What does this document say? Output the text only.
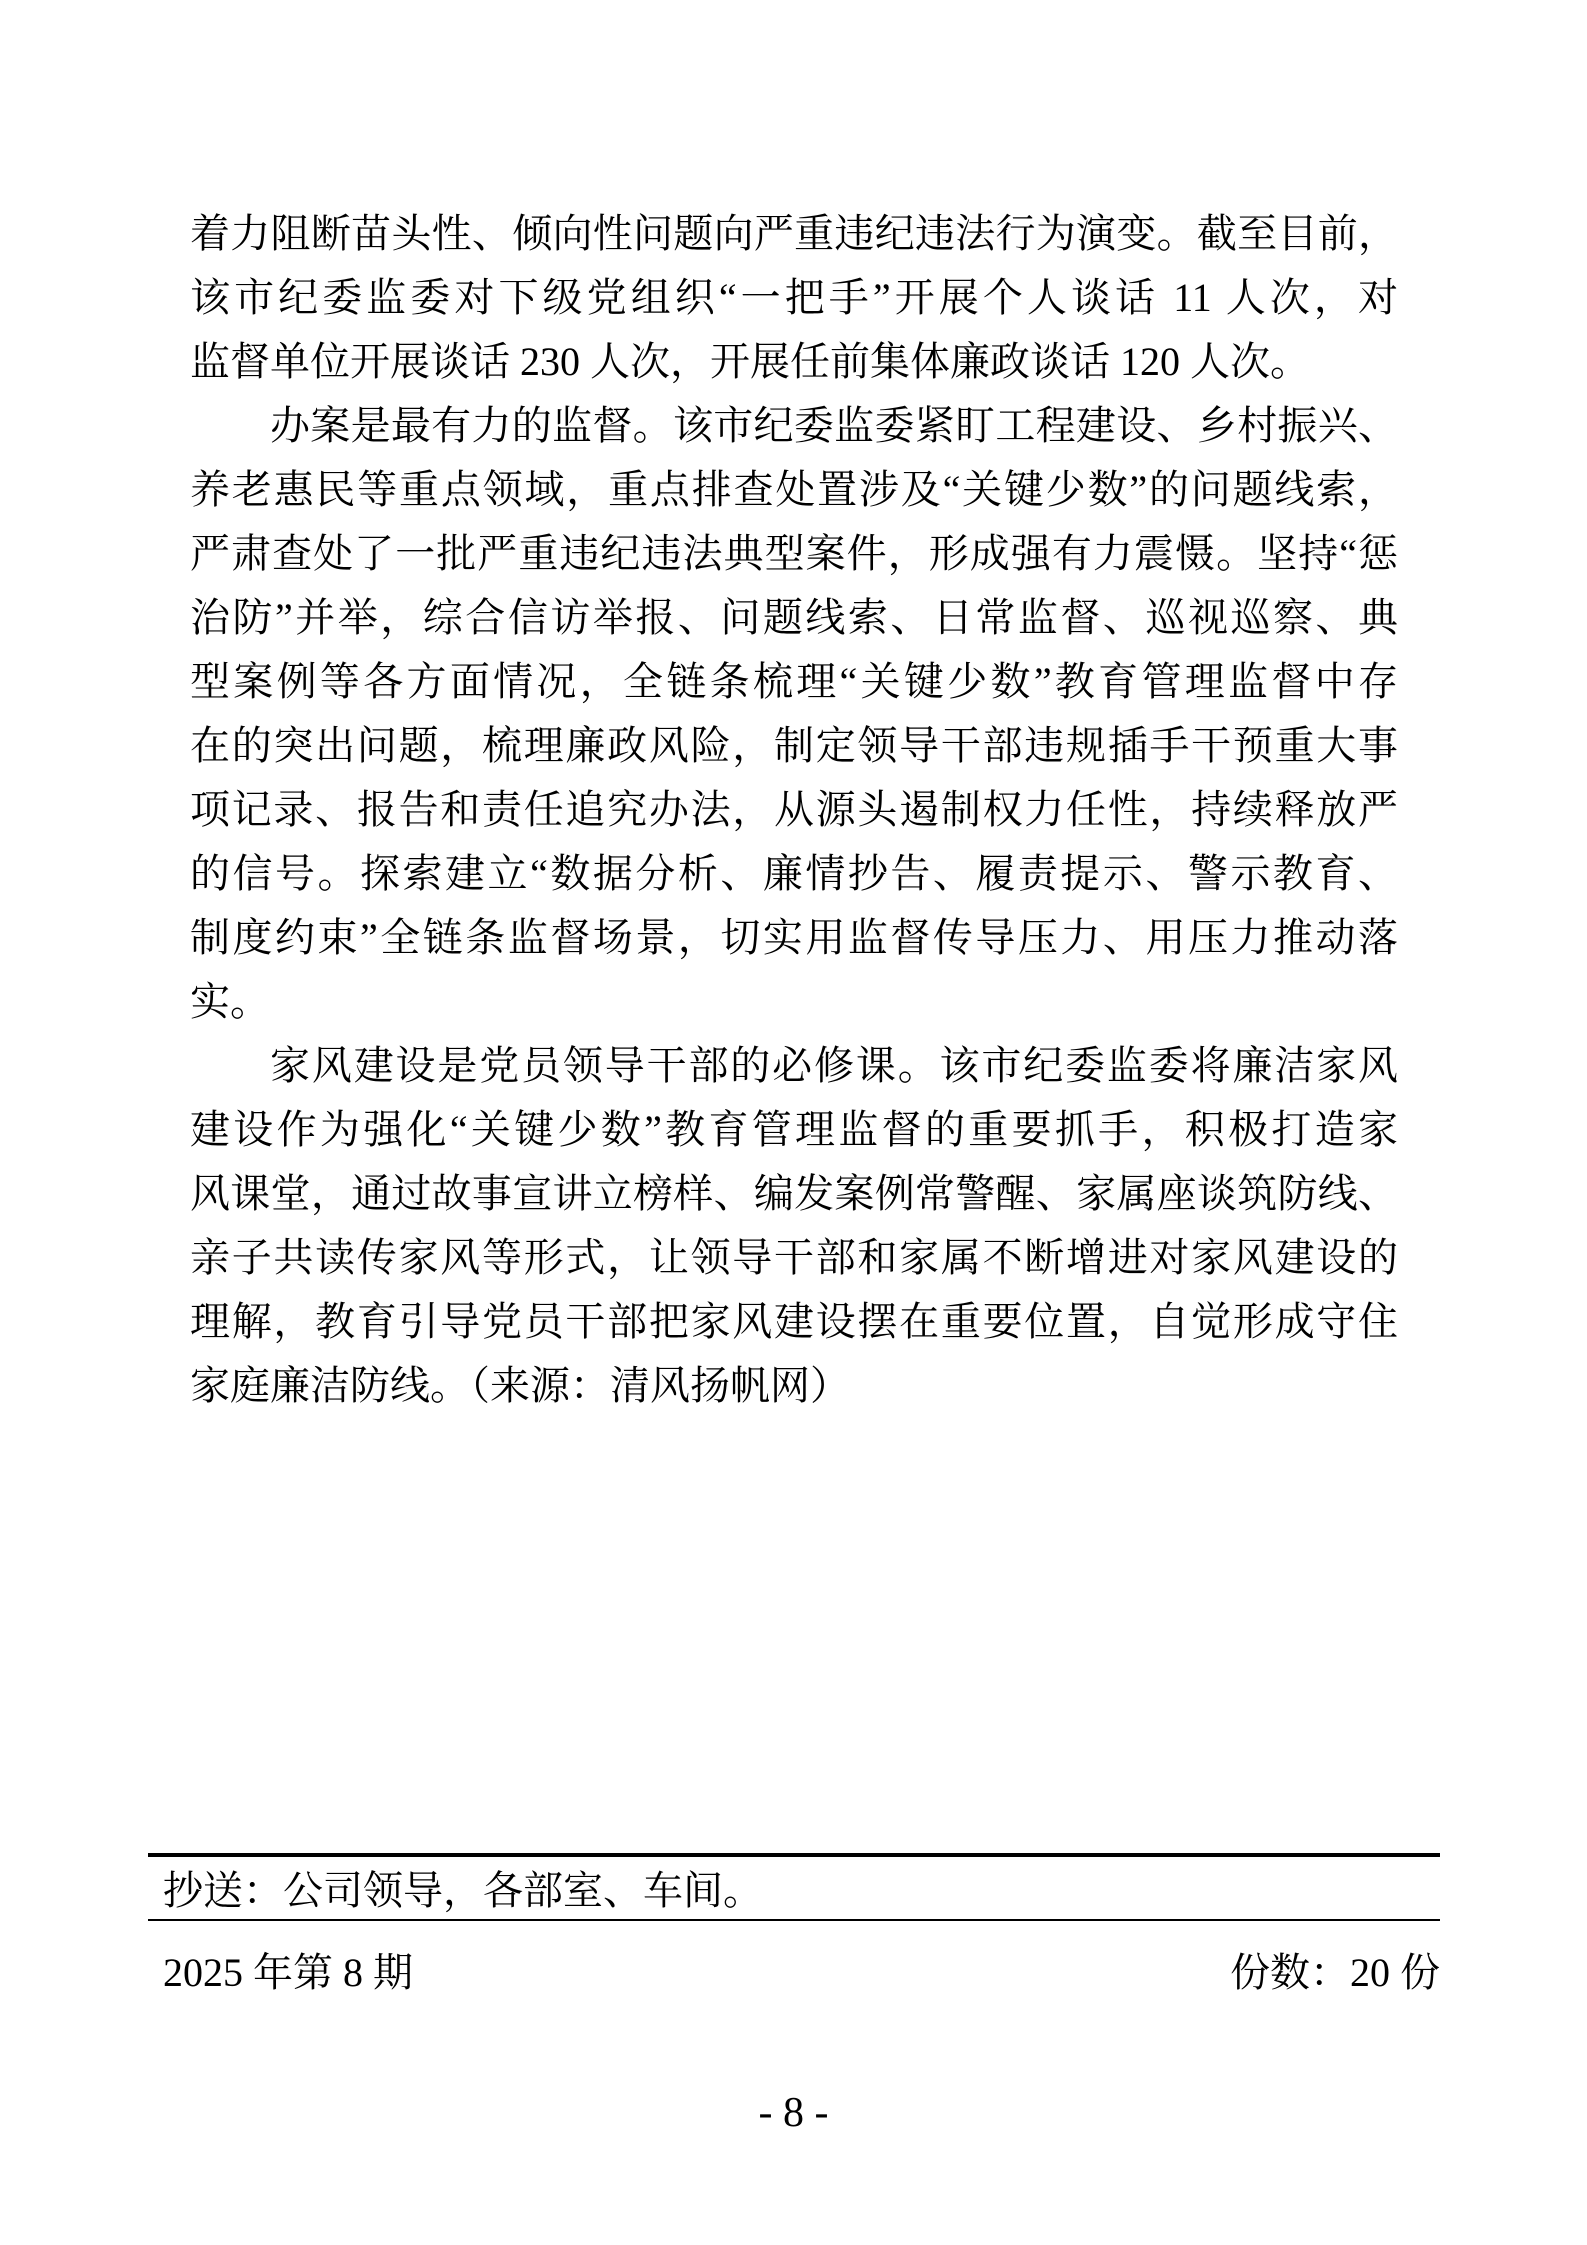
着力阻断苗头性、倾向性问题向严重违纪违法行为演变。截至目前，
该市纪委监委对下级党组织“一把手”开展个人谈话 11 人次，对
监督单位开展谈话 230 人次，开展任前集体廉政谈话 120 人次。
办案是最有力的监督。该市纪委监委紧盯工程建设、乡村振兴、
养老惠民等重点领域，重点排查处置涉及“关键少数”的问题线索，
严肃查处了一批严重违纪违法典型案件，形成强有力震慑。坚持“惩
治防”并举，综合信访举报、问题线索、日常监督、巡视巡察、典
型案例等各方面情况，全链条梳理“关键少数”教育管理监督中存
在的突出问题，梳理廉政风险，制定领导干部违规插手干预重大事
项记录、报告和责任追究办法，从源头遏制权力任性，持续释放严
的信号。探索建立“数据分析、廉情抄告、履责提示、警示教育、
制度约束”全链条监督场景，切实用监督传导压力、用压力推动落
实。
家风建设是党员领导干部的必修课。该市纪委监委将廉洁家风
建设作为强化“关键少数”教育管理监督的重要抓手，积极打造家
风课堂，通过故事宣讲立榜样、编发案例常警醒、家属座谈筑防线、
亲子共读传家风等形式，让领导干部和家属不断增进对家风建设的
理解，教育引导党员干部把家风建设摆在重要位置，自觉形成守住
家庭廉洁防线。（来源：清风扬帆网）
抄送：公司领导，各部室、车间。
2025 年第 8 期	份数：20 份
- 8 -
